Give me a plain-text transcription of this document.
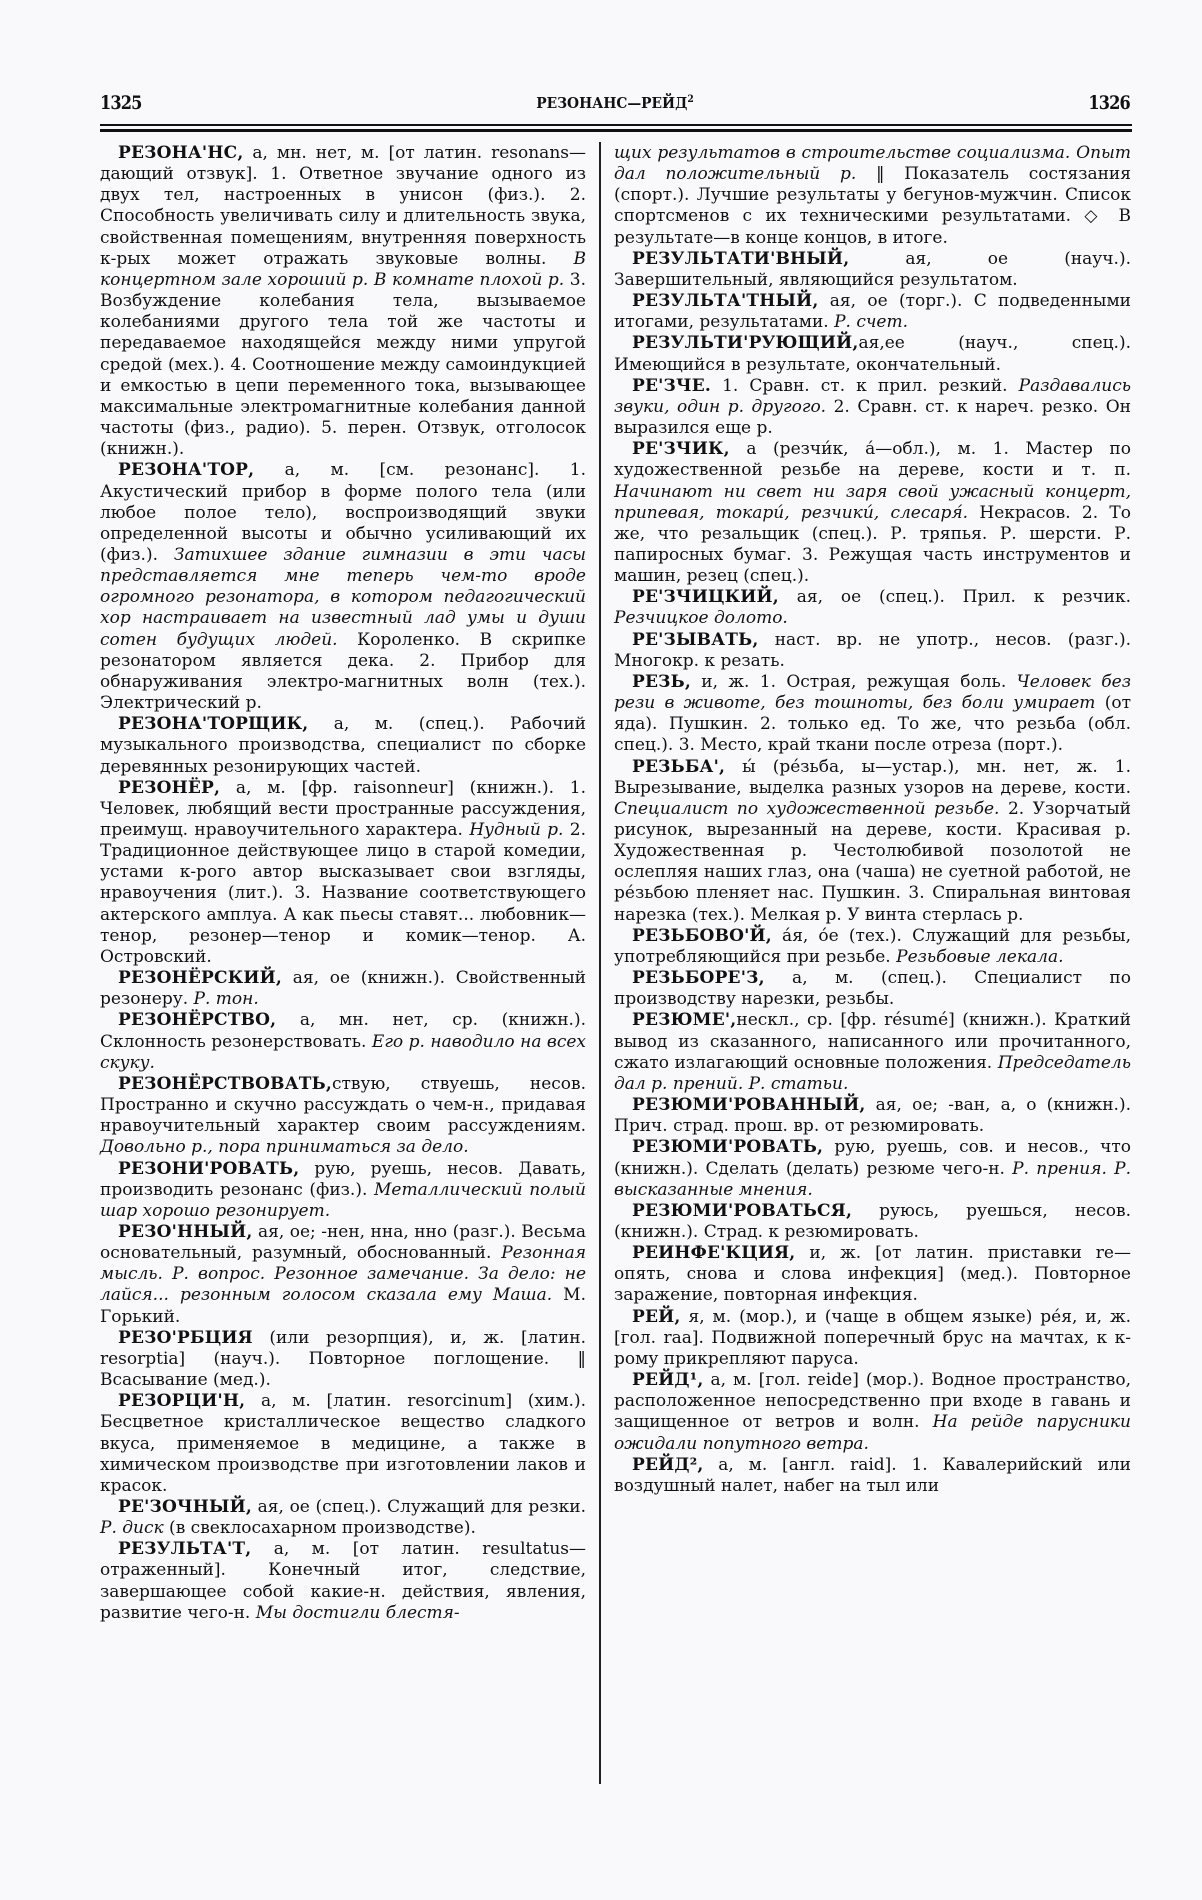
1325	РЕЗОНАНС—РЕЙД$^2$	1326

РЕЗОНА'НС, а, мн. нет, м. [от латин. resonans—дающий отзвук]. 1. Ответное звучание одного из двух тел, настроенных в унисон (физ.). 2. Способность увеличивать силу и длительность звука, свойственная помещениям, внутренняя поверхность к-рых может отражать звуковые волны. В концертном зале хороший р. В комнате плохой р. 3. Возбуждение колебания тела, вызываемое колебаниями другого тела той же частоты и передаваемое находящейся между ними упругой средой (мех.). 4. Соотношение между самоиндукцией и емкостью в цепи переменного тока, вызывающее максимальные электромагнитные колебания данной частоты (физ., радио). 5. перен. Отзвук, отголосок (книжн.).

РЕЗОНА'ТОР, а, м. [см. резонанс]. 1. Акустический прибор в форме полого тела (или любое полое тело), воспроизводящий звуки определенной высоты и обычно усиливающий их (физ.). Затихшее здание гимназии в эти часы представляется мне теперь чем-то вроде огромного резонатора, в котором педагогический хор настраивает на известный лад умы и души сотен будущих людей. Короленко. В скрипке резонатором является дека. 2. Прибор для обнаруживания электро-магнитных волн (тех.). Электрический р.

РЕЗОНА'ТОРЩИК, а, м. (спец.). Рабочий музыкального производства, специалист по сборке деревянных резонирующих частей.

РЕЗОНЁР, а, м. [фр. raisonneur] (книжн.). 1. Человек, любящий вести пространные рассуждения, преимущ. нравоучительного характера. Нудный р. 2. Традиционное действующее лицо в старой комедии, устами к-рого автор высказывает свои взгляды, нравоучения (лит.). 3. Название соответствующего актерского амплуа. А как пьесы ставят... любовник—тенор, резонер—тенор и комик—тенор. А. Островский.

РЕЗОНЁРСКИЙ, ая, ое (книжн.). Свойственный резонеру. Р. тон.

РЕЗОНЁРСТВО, а, мн. нет, ср. (книжн.). Склонность резонерствовать. Его р. наводило на всех скуку.

РЕЗОНЁРСТВОВАТЬ,ствую, ствуешь, несов. Пространно и скучно рассуждать о чем-н., придавая нравоучительный характер своим рассуждениям. Довольно р., пора приниматься за дело.

РЕЗОНИ'РОВАТЬ, рую, руешь, несов. Давать, производить резонанс (физ.). Металлический полый шар хорошо резонирует.

РЕЗО'ННЫЙ, ая, ое; -нен, нна, нно (разг.). Весьма основательный, разумный, обоснованный. Резонная мысль. Р. вопрос. Резонное замечание. За дело: не лайся... резонным голосом сказала ему Маша. М. Горький.

РЕЗО'РБЦИЯ (или резорпция), и, ж. [латин. resorptia] (науч.). Повторное поглощение. ‖ Всасывание (мед.).

РЕЗОРЦИ'Н, а, м. [латин. resorcinum] (хим.). Бесцветное кристаллическое вещество сладкого вкуса, применяемое в медицине, а также в химическом производстве при изготовлении лаков и красок.

РЕ'ЗОЧНЫЙ, ая, ое (спец.). Служащий для резки. Р. диск (в свеклосахарном производстве).

РЕЗУЛЬТА'Т, а, м. [от латин. resultatus—отраженный]. Конечный итог, следствие, завершающее собой какие-н. действия, явления, развитие чего-н. Мы достигли блестя-

щих результатов в строительстве социализма. Опыт дал положительный р. ‖ Показатель состязания (спорт.). Лучшие результаты у бегунов-мужчин. Список спортсменов с их техническими результатами. ◇ В результате—в конце концов, в итоге.

РЕЗУЛЬТАТИ'ВНЫЙ, ая, ое (науч.). Завершительный, являющийся результатом.

РЕЗУЛЬТА'ТНЫЙ, ая, ое (торг.). С подведенными итогами, результатами. Р. счет.

РЕЗУЛЬТИ'РУЮЩИЙ,ая,ее (науч., спец.). Имеющийся в результате, окончательный.

РЕ'ЗЧЕ. 1. Сравн. ст. к прил. резкий. Раздавались звуки, один р. другого. 2. Сравн. ст. к нареч. резко. Он выразился еще р.

РЕ'ЗЧИК, а (резчи́к, а́—обл.), м. 1. Мастер по художественной резьбе на дереве, кости и т. п. Начинают ни свет ни заря свой ужасный концерт, припевая, токари́, резчики́, слесаря́. Некрасов. 2. То же, что резальщик (спец.). Р. тряпья. Р. шерсти. Р. папиросных бумаг. 3. Режущая часть инструментов и машин, резец (спец.).

РЕ'ЗЧИЦКИЙ, ая, ое (спец.). Прил. к резчик. Резчицкое долото.

РЕ'ЗЫВАТЬ, наст. вр. не употр., несов. (разг.). Многокр. к резать.

РЕЗЬ, и, ж. 1. Острая, режущая боль. Человек без рези в животе, без тошноты, без боли умирает (от яда). Пушкин. 2. только ед. То же, что резьба (обл. спец.). 3. Место, край ткани после отреза (порт.).

РЕЗЬБА', ы́ (ре́зьба, ы—устар.), мн. нет, ж. 1. Вырезывание, выделка разных узоров на дереве, кости. Специалист по художественной резьбе. 2. Узорчатый рисунок, вырезанный на дереве, кости. Красивая р. Художественная р. Честолюбивой позолотой не ослепляя наших глаз, она (чаша) не суетной работой, не ре́зьбою пленяет нас. Пушкин. 3. Спиральная винтовая нарезка (тех.). Мелкая р. У винта стерлась р.

РЕЗЬБОВО'Й, а́я, о́е (тех.). Служащий для резьбы, употребляющийся при резьбе. Резьбовые лекала.

РЕЗЬБОРЕ'З, а, м. (спец.). Специалист по производству нарезки, резьбы.

РЕЗЮМЕ',нескл., ср. [фр. résumé] (книжн.). Краткий вывод из сказанного, написанного или прочитанного, сжато излагающий основные положения. Председатель дал р. прений. Р. статьи.

РЕЗЮМИ'РОВАННЫЙ, ая, ое; -ван, а, о (книжн.). Прич. страд. прош. вр. от резюмировать.

РЕЗЮМИ'РОВАТЬ, рую, руешь, сов. и несов., что (книжн.). Сделать (делать) резюме чего-н. Р. прения. Р. высказанные мнения.

РЕЗЮМИ'РОВАТЬСЯ, руюсь, руешься, несов. (книжн.). Страд. к резюмировать.

РЕИНФЕ'КЦИЯ, и, ж. [от латин. приставки re—опять, снова и слова инфекция] (мед.). Повторное заражение, повторная инфекция.

РЕЙ, я, м. (мор.), и (чаще в общем языке) ре́я, и, ж. [гол. raa]. Подвижной поперечный брус на мачтах, к к-рому прикрепляют паруса.

РЕЙД¹, а, м. [гол. reide] (мор.). Водное пространство, расположенное непосредственно при входе в гавань и защищенное от ветров и волн. На рейде парусники ожидали попутного ветра.

РЕЙД², а, м. [англ. raid]. 1. Кавалерийский или воздушный налет, набег на тыл или
